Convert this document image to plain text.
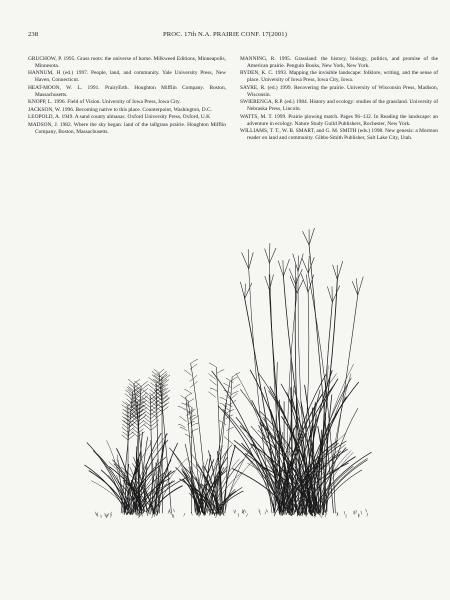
238	PROC. 17th N.A. PRAIRIE CONF. 17(2001)

GRUCHOW, P. 1995. Grass roots: the universe of home. Milkweed Editions, Minneapolis, Minnesota.

HANNUM, H (ed.) 1997. People, land, and community. Yale University Press, New Haven, Connecticut.

HEAT-MOON, W. L. 1991. PrairyErth. Houghton Mifflin Company. Boston, Massachusetts.

KNOPP, L. 1996. Field of Vision. University of Iowa Press, Iowa City.

JACKSON, W. 1996. Becoming native to this place. Counterpoint, Washington, D.C.

LEOPOLD, A. 1949. A sand county almanac. Oxford University Press, Oxford, U.K

MADSON, J. 1982. Where the sky began: land of the tallgrass prairie. Houghton Mifflin Company, Boston, Massachusetts.

MANNING, R. 1995. Grassland: the history, biology, politics, and promise of the American prairie. Penguin Books, New York, New York.

RYDEN, K. C. 1993. Mapping the invisible landscape: folklore, writing, and the sense of place. University of Iowa Press, Iowa City, Iowa.

SAYRE, R. (ed.) 1999. Recovering the prairie. University of Wisconsin Press, Madison, Wisconsin.

SWIERENGA, R.P. (ed.) 1984. History and ecology: studies of the grassland. University of Nebraska Press, Lincoln.

WATTS, M. T. 1999. Prairie plowing match. Pages 96–132. In Reading the landscape: an adventure in ecology. Nature Study Guild Publishers, Rochester, New York.

WILLIAMS, T. T., W. B. SMART, and G. M. SMITH (eds.) 1998. New genesis: a Mormon reader on land and community. Gibbs-Smith Publisher, Salt Lake City, Utah.
